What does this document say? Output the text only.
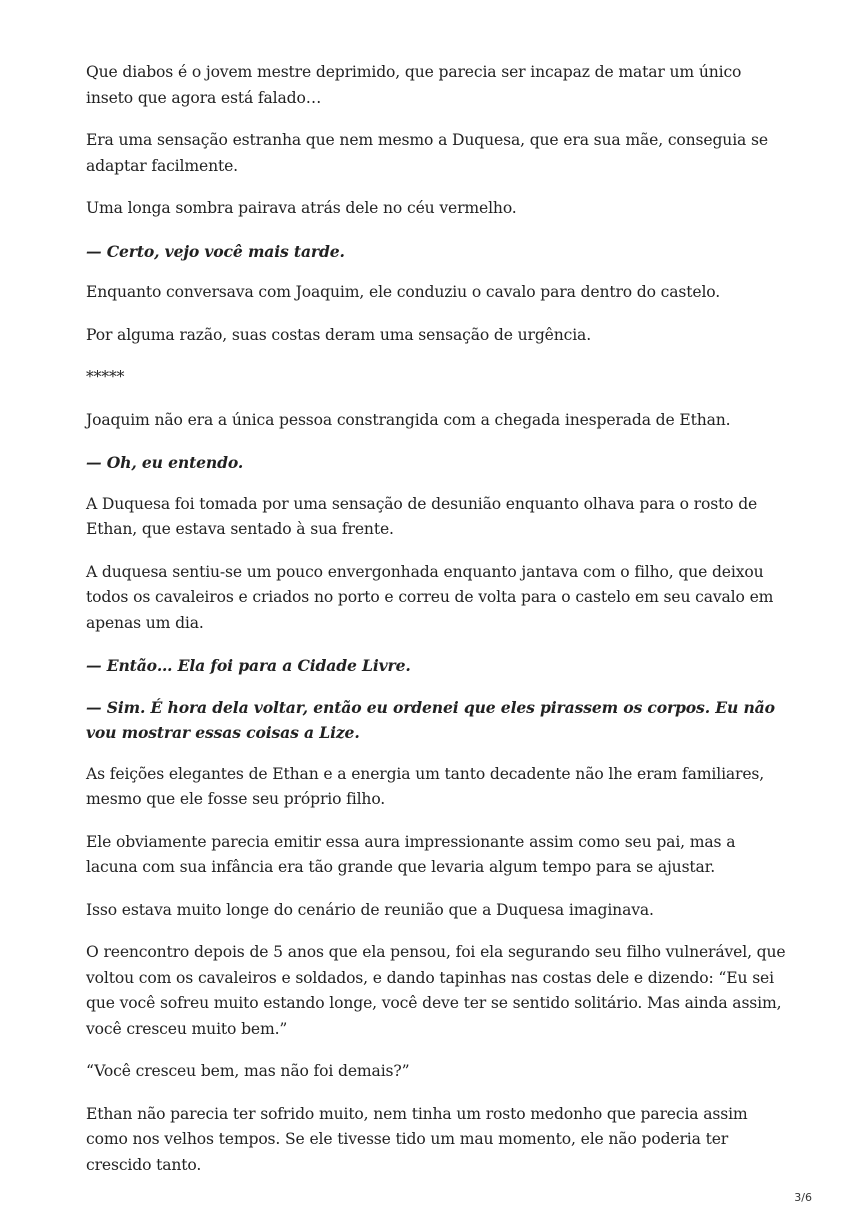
Que diabos é o jovem mestre deprimido, que parecia ser incapaz de matar um único inseto que agora está falado…

Era uma sensação estranha que nem mesmo a Duquesa, que era sua mãe, conseguia se adaptar facilmente.

Uma longa sombra pairava atrás dele no céu vermelho.

— Certo, vejo você mais tarde.

Enquanto conversava com Joaquim, ele conduziu o cavalo para dentro do castelo.

Por alguma razão, suas costas deram uma sensação de urgência.

*****

Joaquim não era a única pessoa constrangida com a chegada inesperada de Ethan.

— Oh, eu entendo.

A Duquesa foi tomada por uma sensação de desunião enquanto olhava para o rosto de Ethan, que estava sentado à sua frente.

A duquesa sentiu-se um pouco envergonhada enquanto jantava com o filho, que deixou todos os cavaleiros e criados no porto e correu de volta para o castelo em seu cavalo em apenas um dia.

— Então… Ela foi para a Cidade Livre.

— Sim. É hora dela voltar, então eu ordenei que eles pirassem os corpos. Eu não vou mostrar essas coisas a Lize.

As feições elegantes de Ethan e a energia um tanto decadente não lhe eram familiares, mesmo que ele fosse seu próprio filho.

Ele obviamente parecia emitir essa aura impressionante assim como seu pai, mas a lacuna com sua infância era tão grande que levaria algum tempo para se ajustar.

Isso estava muito longe do cenário de reunião que a Duquesa imaginava.

O reencontro depois de 5 anos que ela pensou, foi ela segurando seu filho vulnerável, que voltou com os cavaleiros e soldados, e dando tapinhas nas costas dele e dizendo: “Eu sei que você sofreu muito estando longe, você deve ter se sentido solitário. Mas ainda assim, você cresceu muito bem.”

“Você cresceu bem, mas não foi demais?”

Ethan não parecia ter sofrido muito, nem tinha um rosto medonho que parecia assim como nos velhos tempos. Se ele tivesse tido um mau momento, ele não poderia ter crescido tanto.

3/6
